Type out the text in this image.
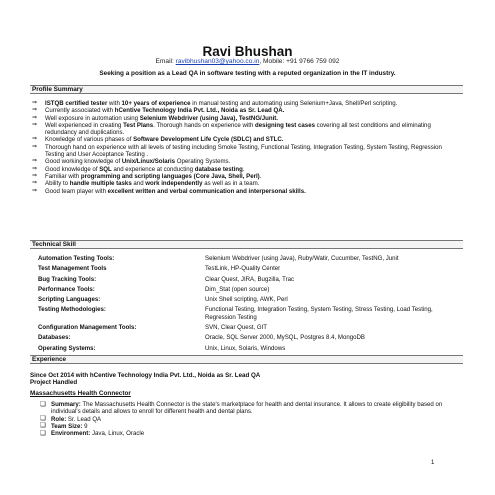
Ravi Bhushan
Email: ravibhushan03@yahoo.co.in, Mobile: +91 9766 759 092
Seeking a position as a Lead QA in software testing with a reputed organization in the IT industry.
Profile Summary
⇒ ISTQB certified tester with 10+ years of experience in manual testing and automating using Selenium+Java, Shell/Perl scripting.
⇒ Currently associated with hCentive Technology India Pvt. Ltd., Noida as Sr. Lead QA.
⇒ Well exposure in automation using Selenium Webdriver (using Java), TestNG/Junit.
⇒ Well experienced in creating Test Plans. Thorough hands on experience with designing test cases covering all test conditions and eliminating redundancy and duplications.
⇒ Knowledge of various phases of Software Development Life Cycle (SDLC) and STLC.
⇒ Thorough hand on experience with all levels of testing including Smoke Testing, Functional Testing, Integration Testing, System Testing, Regression Testing and User Acceptance Testing .
⇒ Good working knowledge of Unix/Linux/Solaris Operating Systems.
⇒ Good knowledge of SQL and experience at conducting database testing.
⇒ Familiar with programming and scripting languages (Core Java, Shell, Perl).
⇒ Ability to handle multiple tasks and work independently as well as in a team.
⇒ Good team player with excellent written and verbal communication and interpersonal skills.
Technical Skill
Automation Testing Tools:	Selenium Webdriver (using Java), Ruby/Watir, Cucumber, TestNG, Junit
Test Management Tools	TestLink, HP-Quality Center
Bug Tracking Tools:	Clear Quest, JIRA, Bugzilla, Trac
Performance Tools:	Dim_Stat (open source)
Scripting Languages:	Unix Shell scripting, AWK, Perl
Testing Methodologies:	Functional Testing, Integration Testing, System Testing, Stress Testing, Load Testing, Regression Testing
Configuration Management Tools:	SVN, Clear Quest, GIT
Databases:	Oracle, SQL Server 2000, MySQL, Postgres 8.4, MongoDB
Operating Systems:	Unix, Linux, Solaris, Windows
Experience
Since Oct 2014 with hCentive Technology India Pvt. Ltd., Noida as Sr. Lead QA
Project Handled
Massachusetts Health Connector
❏ Summary: The Massachusetts Health Connector is the state's marketplace for health and dental insurance. It allows to create eligibility based on individual's details and allows to enroll for different health and dental plans.
❏ Role: Sr. Lead QA
❏ Team Size: 9
❏ Environment: Java, Linux, Oracle
1
